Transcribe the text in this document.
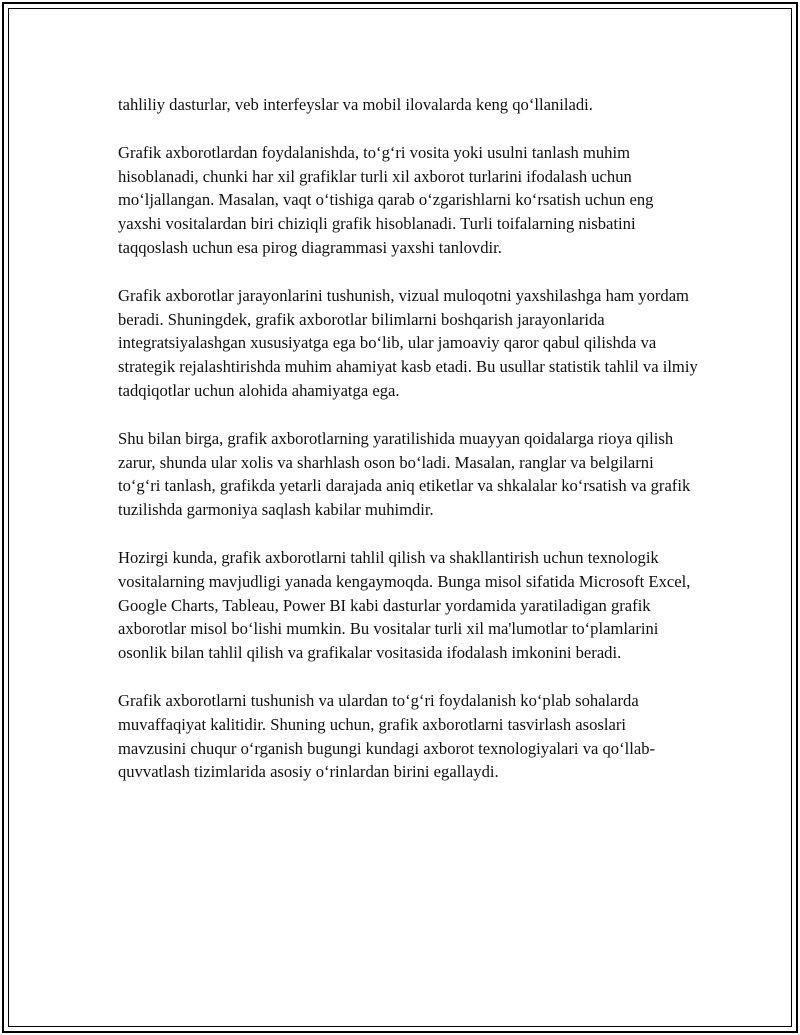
tahliliy dasturlar, veb interfeyslar va mobil ilovalarda keng qo‘llaniladi.

Grafik axborotlardan foydalanishda, to‘g‘ri vosita yoki usulni tanlash muhim hisoblanadi, chunki har xil grafiklar turli xil axborot turlarini ifodalash uchun mo‘ljallangan. Masalan, vaqt o‘tishiga qarab o‘zgarishlarni ko‘rsatish uchun eng yaxshi vositalardan biri chiziqli grafik hisoblanadi. Turli toifalarning nisbatini taqqoslash uchun esa pirog diagrammasi yaxshi tanlovdir.

Grafik axborotlar jarayonlarini tushunish, vizual muloqotni yaxshilashga ham yordam beradi. Shuningdek, grafik axborotlar bilimlarni boshqarish jarayonlarida integratsiyalashgan xususiyatga ega bo‘lib, ular jamoaviy qaror qabul qilishda va strategik rejalashtirishda muhim ahamiyat kasb etadi. Bu usullar statistik tahlil va ilmiy tadqiqotlar uchun alohida ahamiyatga ega.

Shu bilan birga, grafik axborotlarning yaratilishida muayyan qoidalarga rioya qilish zarur, shunda ular xolis va sharhlash oson bo‘ladi. Masalan, ranglar va belgilarni to‘g‘ri tanlash, grafikda yetarli darajada aniq etiketlar va shkalalar ko‘rsatish va grafik tuzilishda garmoniya saqlash kabilar muhimdir.

Hozirgi kunda, grafik axborotlarni tahlil qilish va shakllantirish uchun texnologik vositalarning mavjudligi yanada kengaymoqda. Bunga misol sifatida Microsoft Excel, Google Charts, Tableau, Power BI kabi dasturlar yordamida yaratiladigan grafik axborotlar misol bo‘lishi mumkin. Bu vositalar turli xil ma'lumotlar to‘plamlarini osonlik bilan tahlil qilish va grafikalar vositasida ifodalash imkonini beradi.

Grafik axborotlarni tushunish va ulardan to‘g‘ri foydalanish ko‘plab sohalarda muvaffaqiyat kalitidir. Shuning uchun, grafik axborotlarni tasvirlash asoslari mavzusini chuqur o‘rganish bugungi kundagi axborot texnologiyalari va qo‘llab-quvvatlash tizimlarida asosiy o‘rinlardan birini egallaydi.
